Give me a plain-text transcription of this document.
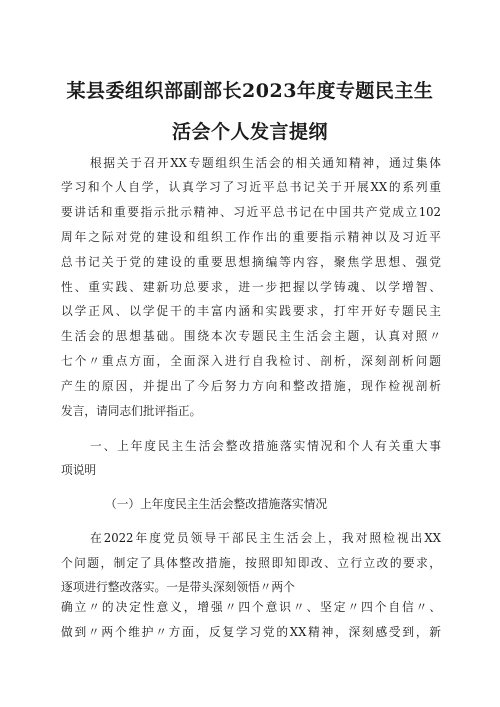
某县委组织部副部长2023年度专题民主生
活会个人发言提纲
根据关于召开XX专题组织生活会的相关通知精神，通过集体
学习和个人自学，认真学习了习近平总书记关于开展XX的系列重
要讲话和重要指示批示精神、习近平总书记在中国共产党成立102
周年之际对党的建设和组织工作作出的重要指示精神以及习近平
总书记关于党的建设的重要思想摘编等内容，聚焦学思想、强党
性、重实践、建新功总要求，进一步把握以学铸魂、以学增智、
以学正风、以学促干的丰富内涵和实践要求，打牢开好专题民主
生活会的思想基础。围绕本次专题民主生活会主题，认真对照〃
七个〃重点方面，全面深入进行自我检讨、剖析，深刻剖析问题
产生的原因，并提出了今后努力方向和整改措施，现作检视剖析
发言，请同志们批评指正。
一、上年度民主生活会整改措施落实情况和个人有关重大事
项说明
（一）上年度民主生活会整改措施落实情况
在2022年度党员领导干部民主生活会上，我对照检视出XX
个问题，制定了具体整改措施，按照即知即改、立行立改的要求，
逐项进行整改落实。一是带头深刻领悟〃两个
确立〃的决定性意义，增强〃四个意识〃、坚定〃四个自信〃、
做到〃两个维护〃方面，反复学习党的XX精神，深刻感受到，新
